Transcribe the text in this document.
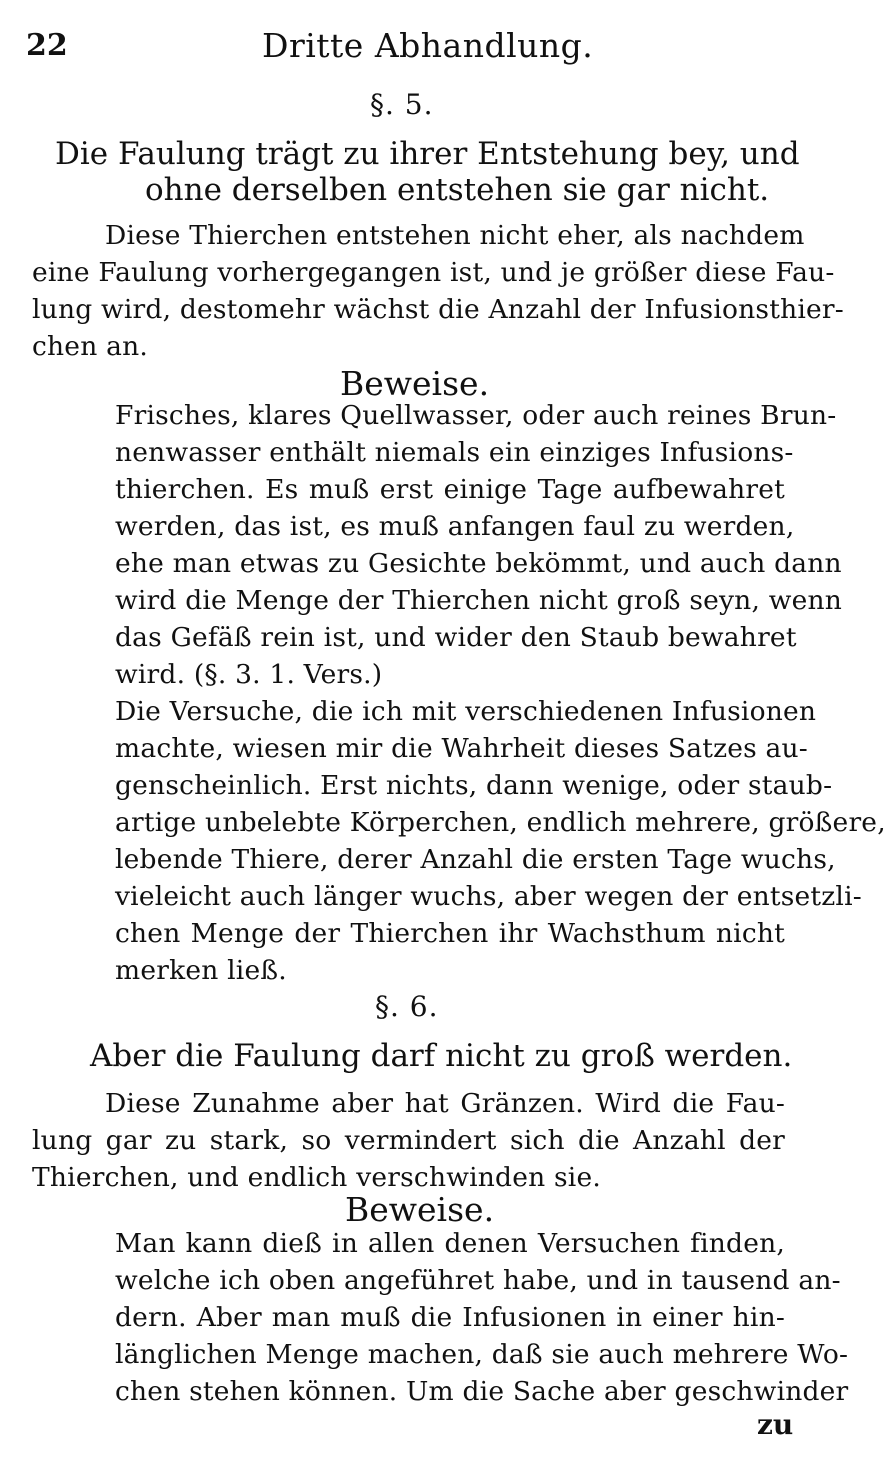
22	Dritte Abhandlung.
§. 5.
Die Faulung trägt zu ihrer Entstehung bey, und
ohne derselben entstehen sie gar nicht.
Diese Thierchen entstehen nicht eher, als nachdem
eine Faulung vorhergegangen ist, und je größer diese Fau-
lung wird, destomehr wächst die Anzahl der Infusionsthier-
chen an.
Beweise.
Frisches, klares Quellwasser, oder auch reines Brun-
nenwasser enthält niemals ein einziges Infusions-
thierchen. Es muß erst einige Tage aufbewahret
werden, das ist, es muß anfangen faul zu werden,
ehe man etwas zu Gesichte bekömmt, und auch dann
wird die Menge der Thierchen nicht groß seyn, wenn
das Gefäß rein ist, und wider den Staub bewahret
wird. (§. 3. 1. Vers.)
Die Versuche, die ich mit verschiedenen Infusionen
machte, wiesen mir die Wahrheit dieses Satzes au-
genscheinlich. Erst nichts, dann wenige, oder staub-
artige unbelebte Körperchen, endlich mehrere, größere,
lebende Thiere, derer Anzahl die ersten Tage wuchs,
vieleicht auch länger wuchs, aber wegen der entsetzli-
chen Menge der Thierchen ihr Wachsthum nicht
merken ließ.
§. 6.
Aber die Faulung darf nicht zu groß werden.
Diese Zunahme aber hat Gränzen. Wird die Fau-
lung gar zu stark, so vermindert sich die Anzahl der
Thierchen, und endlich verschwinden sie.
Beweise.
Man kann dieß in allen denen Versuchen finden,
welche ich oben angeführet habe, und in tausend an-
dern. Aber man muß die Infusionen in einer hin-
länglichen Menge machen, daß sie auch mehrere Wo-
chen stehen können. Um die Sache aber geschwinder
zu
